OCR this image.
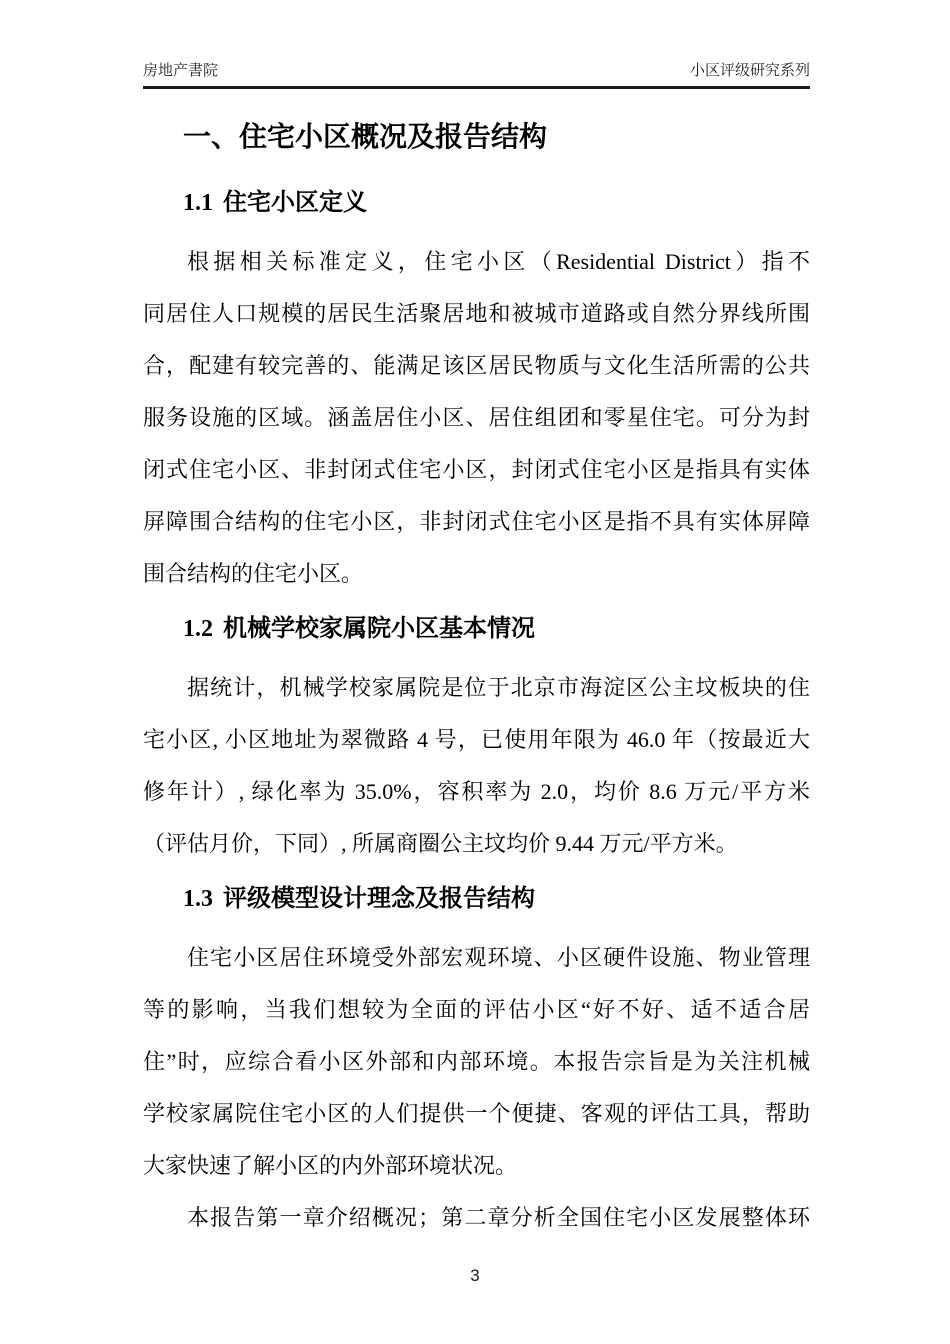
房地产書院	小区评级研究系列
一、住宅小区概况及报告结构
1.1 住宅小区定义
根据相关标准定义，住宅小区（Residential District）指不
同居住人口规模的居民生活聚居地和被城市道路或自然分界线所围
合，配建有较完善的、能满足该区居民物质与文化生活所需的公共
服务设施的区域。涵盖居住小区、居住组团和零星住宅。可分为封
闭式住宅小区、非封闭式住宅小区，封闭式住宅小区是指具有实体
屏障围合结构的住宅小区，非封闭式住宅小区是指不具有实体屏障
围合结构的住宅小区。
1.2 机械学校家属院小区基本情况
据统计，机械学校家属院是位于北京市海淀区公主坟板块的住
宅小区, 小区地址为翠微路 4 号，已使用年限为 46.0 年（按最近大
修年计）, 绿化率为 35.0%，容积率为 2.0，均价 8.6 万元/平方米
（评估月价，下同）, 所属商圈公主坟均价 9.44 万元/平方米。
1.3 评级模型设计理念及报告结构
住宅小区居住环境受外部宏观环境、小区硬件设施、物业管理
等的影响，当我们想较为全面的评估小区“好不好、适不适合居
住”时，应综合看小区外部和内部环境。本报告宗旨是为关注机械
学校家属院住宅小区的人们提供一个便捷、客观的评估工具，帮助
大家快速了解小区的内外部环境状况。
本报告第一章介绍概况；第二章分析全国住宅小区发展整体环
3
